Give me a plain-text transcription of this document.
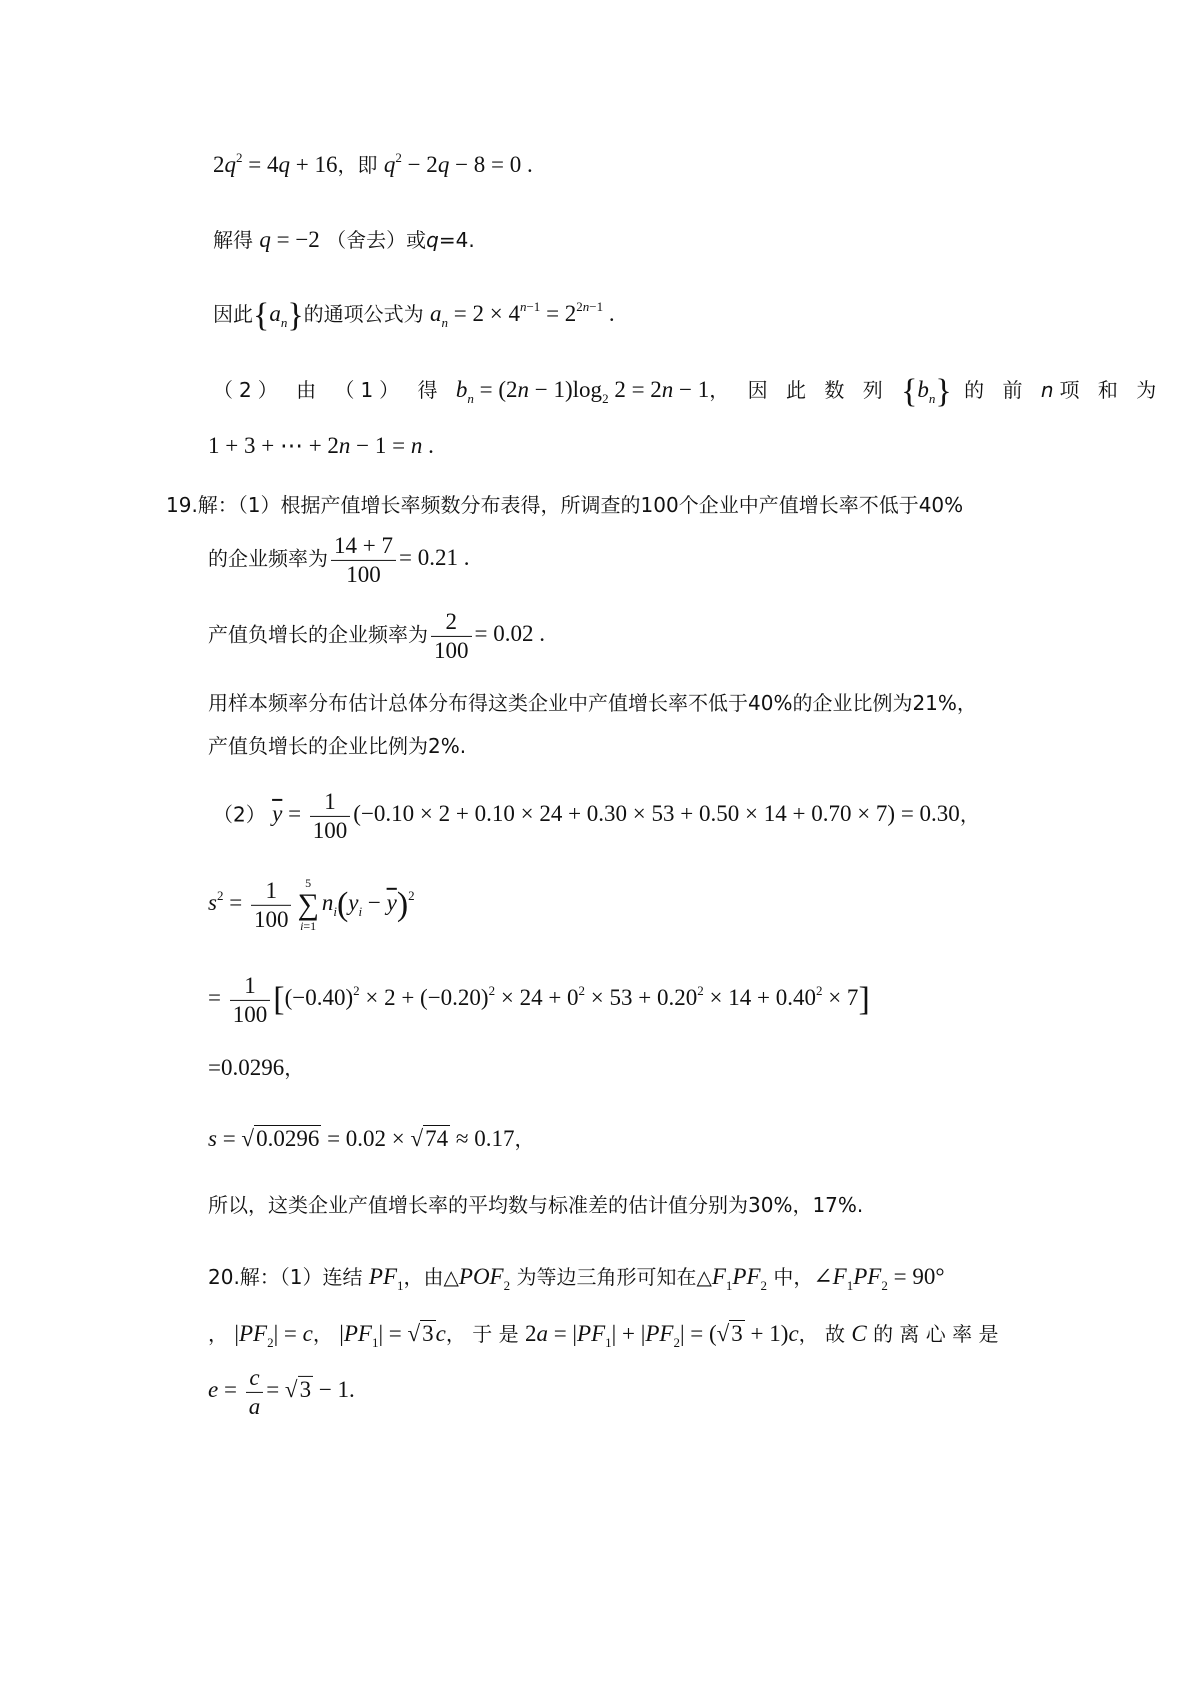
$2q^2 = 4q + 16$，即 $q^2 - 2q - 8 = 0$ .
解得 q = −2 （舍去）或q=4.
因此$\{a_n\}$的通项公式为 $a_n = 2 \times 4^{n-1} = 2^{2n-1}$ .
（2） 由 （1） 得 $b_n = (2n - 1)\log_2$ 2 = 2n − 1， 因 此 数 列 $\{b_n\}$ 的 前 n项 和 为
1 + 3 + ⋯ + 2n − 1 = n .
19.解：（1）根据产值增长率频数分布表得，所调查的100个企业中产值增长率不低于40%
的企业频率为 $\frac{14 + 7}{100} = 0.21$ .
产值负增长的企业频率为 $\frac{2}{100} = 0.02$ .
用样本频率分布估计总体分布得这类企业中产值增长率不低于40%的企业比例为21%，
产值负增长的企业比例为2%.
（2） $\overline{y} = \frac{1}{100} (-0.10 \times 2 + 0.10 \times 24 + 0.30 \times 53 + 0.50 \times 14 + 0.70 \times 7) = 0.30$，
$s^2 = \frac{1}{100} 5$
∑
$i=1n_i(y_i - \overline{y})^2$
= $\frac{1}{100} [(-0.40)^2 \times 2 + (-0.20)^2 \times 24 + 0^2 \times 53 + 0.20^2 \times 14 + 0.40^2 \times 7]$
=0.0296，
s = √0.0296 = 0.02 × √74 ≈ 0.17，
所以，这类企业产值增长率的平均数与标准差的估计值分别为30%，17%.
20.解：（1）连结 $PF_1$，由$\triangle POF_2$ 为等边三角形可知在$\triangle F_1PF_2$ 中，$\angle F_1PF_2 = 90^\circ$
， $|PF_2| = c$， $|PF_1| = √3c$， 于 是 $2a = |PF_1| + |PF_2| = (√3 + 1)c$， 故 C 的 离 心 率 是
$e = \frac{c}{a} = √3 - 1$.
